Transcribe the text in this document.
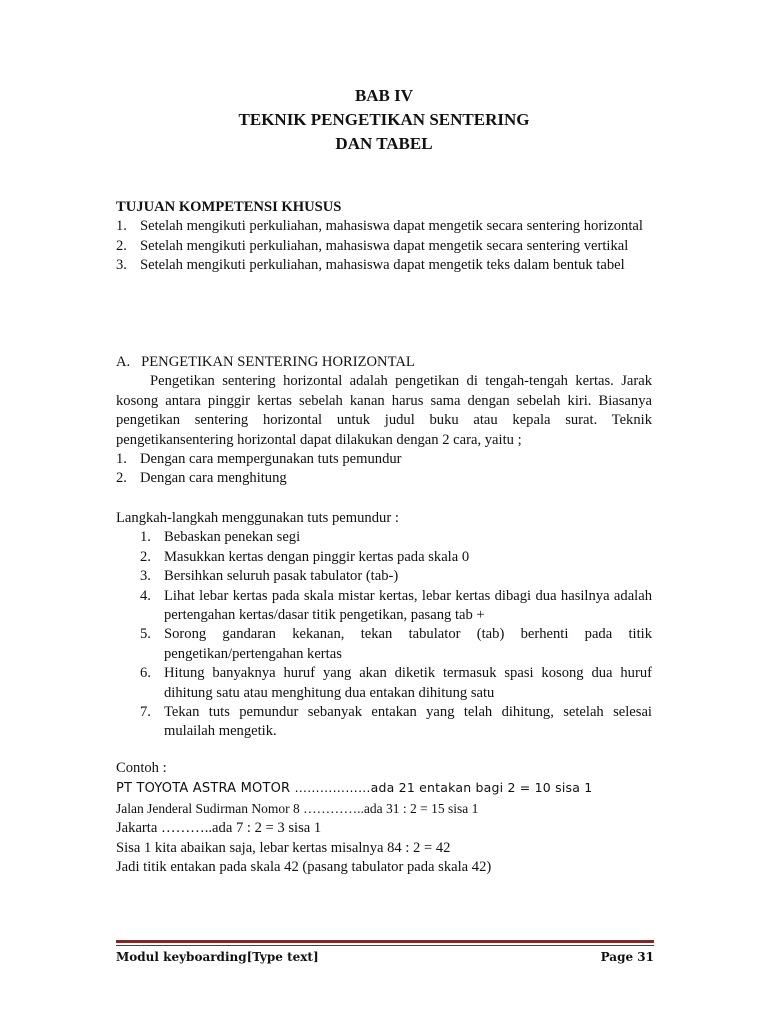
BAB IV
TEKNIK PENGETIKAN SENTERING
DAN TABEL
TUJUAN KOMPETENSI KHUSUS
1. Setelah mengikuti perkuliahan, mahasiswa dapat mengetik secara sentering horizontal
2. Setelah mengikuti perkuliahan, mahasiswa dapat mengetik secara sentering vertikal
3. Setelah mengikuti perkuliahan, mahasiswa dapat mengetik teks dalam bentuk tabel
A.   PENGETIKAN SENTERING HORIZONTAL
Pengetikan sentering horizontal adalah pengetikan di tengah-tengah kertas. Jarak kosong antara pinggir kertas sebelah kanan harus sama dengan sebelah kiri. Biasanya pengetikan sentering horizontal untuk judul buku atau kepala surat. Teknik pengetikansentering horizontal dapat dilakukan dengan 2 cara, yaitu ;
1. Dengan cara mempergunakan tuts pemundur
2. Dengan cara menghitung
Langkah-langkah menggunakan tuts pemundur :
1. Bebaskan penekan segi
2. Masukkan kertas dengan pinggir kertas pada skala 0
3. Bersihkan seluruh pasak tabulator (tab-)
4. Lihat lebar kertas pada skala mistar kertas, lebar kertas dibagi dua hasilnya adalah pertengahan kertas/dasar titik pengetikan, pasang tab +
5. Sorong gandaran kekanan, tekan tabulator (tab) berhenti pada titik pengetikan/pertengahan kertas
6. Hitung banyaknya huruf yang akan diketik termasuk spasi kosong dua huruf dihitung satu atau menghitung dua entakan dihitung satu
7. Tekan tuts pemundur sebanyak entakan yang telah dihitung, setelah selesai mulailah mengetik.
Contoh :
PT TOYOTA ASTRA MOTOR ………………ada 21 entakan bagi 2 = 10 sisa 1
Jalan Jenderal Sudirman Nomor 8 …………..ada 31 : 2 = 15 sisa 1
Jakarta ………..ada 7 : 2 = 3 sisa 1
Sisa 1 kita abaikan saja, lebar kertas misalnya 84 : 2 = 42
Jadi titik entakan pada skala 42 (pasang tabulator pada skala 42)
Modul keyboarding[Type text]	Page 31
